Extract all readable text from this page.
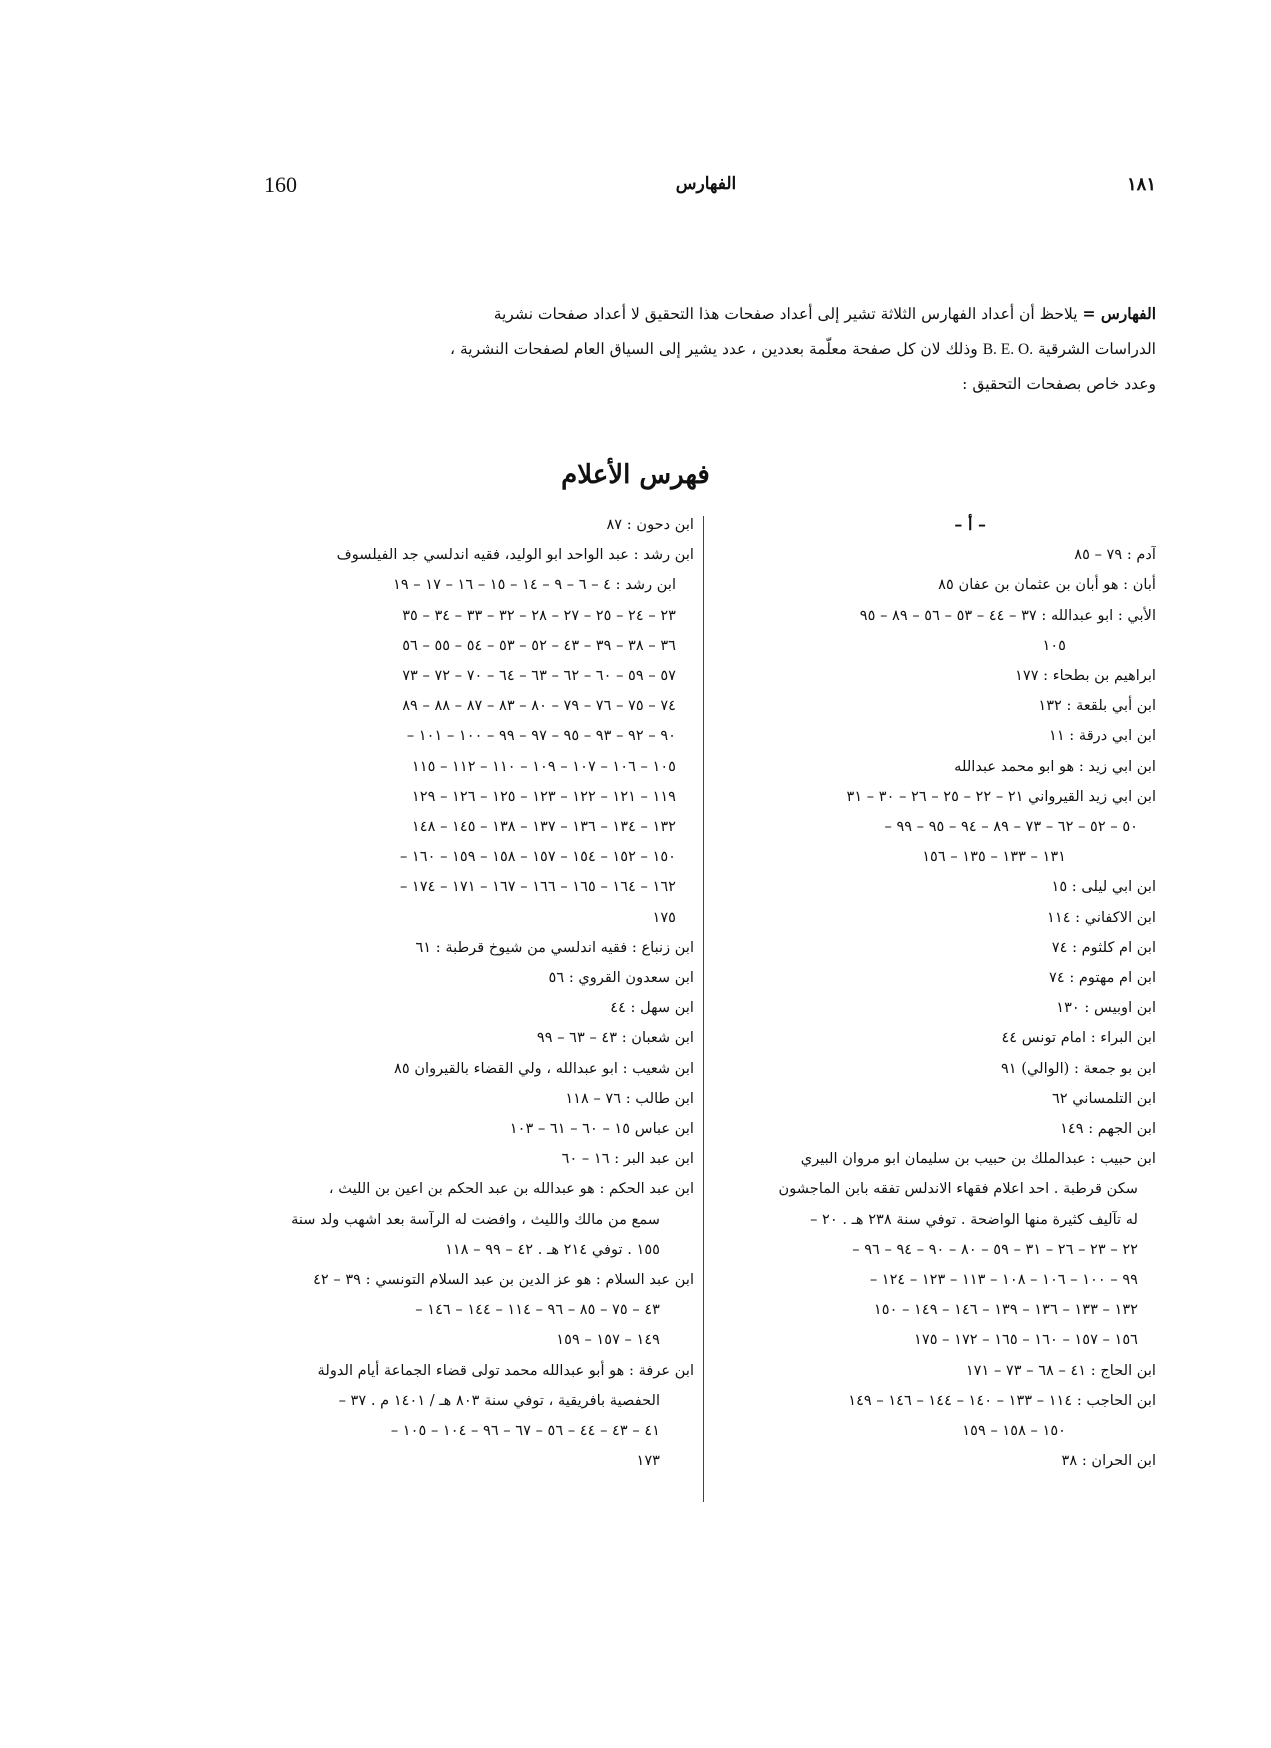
160	الفهارس	١٨١

الفهارس = يلاحظ أن أعداد الفهارس الثلاثة تشير إلى أعداد صفحات هذا التحقيق لا أعداد صفحات نشرية

الدراسات الشرقية B. E. O. وذلك لان كل صفحة معلّمة بعددين ، عدد يشير إلى السياق العام لصفحات النشرية ،

وعدد خاص بصفحات التحقيق :

فهرس الأعلام
– أ –
آدم : ٧٩ – ٨٥
أبان : هو أبان بن عثمان بن عفان ٨٥
الأبي : ابو عبدالله : ٣٧ – ٤٤ – ٥٣ – ٥٦ – ٨٩ – ٩٥
١٠٥
ابراهيم بن بطحاء : ١٧٧
ابن أبي بلقعة : ١٣٢
ابن ابي درقة : ١١
ابن ابي زيد : هو ابو محمد عبدالله
ابن ابي زيد القيرواني ٢١ – ٢٢ – ٢٥ – ٢٦ – ٣٠ – ٣١
٥٠ – ٥٢ – ٦٢ – ٧٣ – ٨٩ – ٩٤ – ٩٥ – ٩٩ –
١٣١ – ١٣٣ – ١٣٥ – ١٥٦
ابن ابي ليلى : ١٥
ابن الاكفاني : ١١٤
ابن ام كلثوم : ٧٤
ابن ام مهتوم : ٧٤
ابن اوبيس : ١٣٠
ابن البراء : امام تونس ٤٤
ابن بو جمعة : (الوالي) ٩١
ابن التلمساني ٦٢
ابن الجهم : ١٤٩
ابن حبيب : عبدالملك بن حبيب بن سليمان ابو مروان البيري
سكن قرطبة . احد اعلام فقهاء الاندلس تفقه بابن الماجشون
له تآليف كثيرة منها الواضحة . توفي سنة ٢٣٨ هـ . ٢٠ –
٢٢ – ٢٣ – ٢٦ – ٣١ – ٥٩ – ٨٠ – ٩٠ – ٩٤ – ٩٦ –
٩٩ – ١٠٠ – ١٠٦ – ١٠٨ – ١١٣ – ١٢٣ – ١٢٤ –
١٣٢ – ١٣٣ – ١٣٦ – ١٣٩ – ١٤٦ – ١٤٩ – ١٥٠
١٥٦ – ١٥٧ – ١٦٠ – ١٦٥ – ١٧٢ – ١٧٥
ابن الحاج : ٤١ – ٦٨ – ٧٣ – ١٧١
ابن الحاجب : ١١٤ – ١٣٣ – ١٤٠ – ١٤٤ – ١٤٦ – ١٤٩
١٥٠ – ١٥٨ – ١٥٩
ابن الحران : ٣٨
ابن دحون : ٨٧
ابن رشد : عبد الواحد ابو الوليد، فقيه اندلسي جد الفيلسوف
ابن رشد : ٤ – ٦ – ٩ – ١٤ – ١٥ – ١٦ – ١٧ – ١٩
٢٣ – ٢٤ – ٢٥ – ٢٧ – ٢٨ – ٣٢ – ٣٣ – ٣٤ – ٣٥
٣٦ – ٣٨ – ٣٩ – ٤٣ – ٥٢ – ٥٣ – ٥٤ – ٥٥ – ٥٦
٥٧ – ٥٩ – ٦٠ – ٦٢ – ٦٣ – ٦٤ – ٧٠ – ٧٢ – ٧٣
٧٤ – ٧٥ – ٧٦ – ٧٩ – ٨٠ – ٨٣ – ٨٧ – ٨٨ – ٨٩
٩٠ – ٩٢ – ٩٣ – ٩٥ – ٩٧ – ٩٩ – ١٠٠ – ١٠١ –
١٠٥ – ١٠٦ – ١٠٧ – ١٠٩ – ١١٠ – ١١٢ – ١١٥
١١٩ – ١٢١ – ١٢٢ – ١٢٣ – ١٢٥ – ١٢٦ – ١٢٩
١٣٢ – ١٣٤ – ١٣٦ – ١٣٧ – ١٣٨ – ١٤٥ – ١٤٨
١٥٠ – ١٥٢ – ١٥٤ – ١٥٧ – ١٥٨ – ١٥٩ – ١٦٠ –
١٦٢ – ١٦٤ – ١٦٥ – ١٦٦ – ١٦٧ – ١٧١ – ١٧٤ –
١٧٥
ابن زنباع : فقيه اندلسي من شيوخ قرطبة : ٦١
ابن سعدون القروي : ٥٦
ابن سهل : ٤٤
ابن شعبان : ٤٣ – ٦٣ – ٩٩
ابن شعيب : ابو عبدالله ، ولي القضاء بالقيروان ٨٥
ابن طالب : ٧٦ – ١١٨
ابن عباس ١٥ – ٦٠ – ٦١ – ١٠٣
ابن عبد البر : ١٦ – ٦٠
ابن عبد الحكم : هو عبدالله بن عبد الحكم بن اعين بن الليث ،
سمع من مالك والليث ، وافضت له الرآسة بعد اشهب ولد سنة
١٥٥ . توفي ٢١٤ هـ . ٤٢ – ٩٩ – ١١٨
ابن عبد السلام : هو عز الدين بن عبد السلام التونسي : ٣٩ – ٤٢
٤٣ – ٧٥ – ٨٥ – ٩٦ – ١١٤ – ١٤٤ – ١٤٦ –
١٤٩ – ١٥٧ – ١٥٩
ابن عرفة : هو أبو عبدالله محمد تولى قضاء الجماعة أيام الدولة
الحفصية بافريقية ، توفي سنة ٨٠٣ هـ / ١٤٠١ م . ٣٧ –
٤١ – ٤٣ – ٤٤ – ٥٦ – ٦٧ – ٩٦ – ١٠٤ – ١٠٥ –
١٧٣
